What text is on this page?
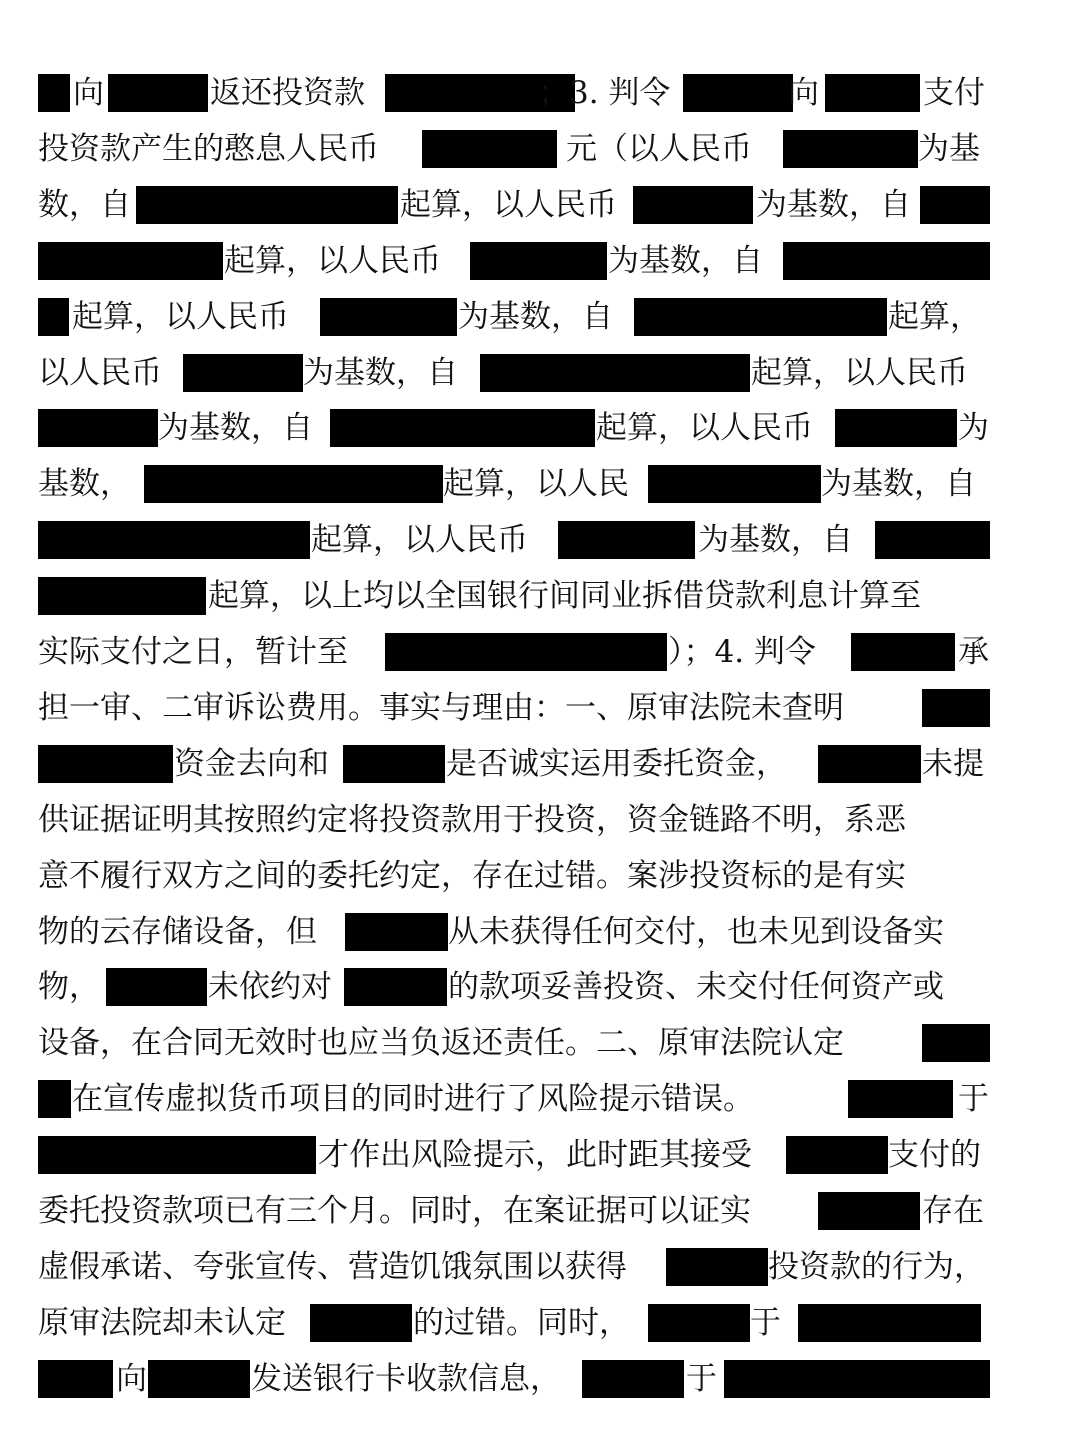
向	返还投资款	；3. 判令	向	支付
投资款产生的憨息人民币	元（以人民币	为基
数，自	起算，以人民币	为基数，自
起算，以人民币	为基数，自
起算，以人民币	为基数，自	起算，
以人民币	为基数，自	起算，以人民币
为基数，自	起算，以人民币	为
基数，	起算，以人民	为基数，自
起算，以人民币	为基数，自
起算，以上均以全国银行间同业拆借贷款利息计算至
实际支付之日，暂计至	）；4. 判令	承
担一审、二审诉讼费用。事实与理由：一、原审法院未查明
资金去向和	是否诚实运用委托资金，	未提
供证据证明其按照约定将投资款用于投资，资金链路不明，系恶
意不履行双方之间的委托约定，存在过错。案涉投资标的是有实
物的云存储设备，但	从未获得任何交付，也未见到设备实
物，	未依约对	的款项妥善投资、未交付任何资产或
设备，在合同无效时也应当负返还责任。二、原审法院认定
在宣传虚拟货币项目的同时进行了风险提示错误。	于
才作出风险提示，此时距其接受	支付的
委托投资款项已有三个月。同时，在案证据可以证实	存在
虚假承诺、夸张宣传、营造饥饿氛围以获得	投资款的行为，
原审法院却未认定	的过错。同时，	于
向	发送银行卡收款信息，	于
